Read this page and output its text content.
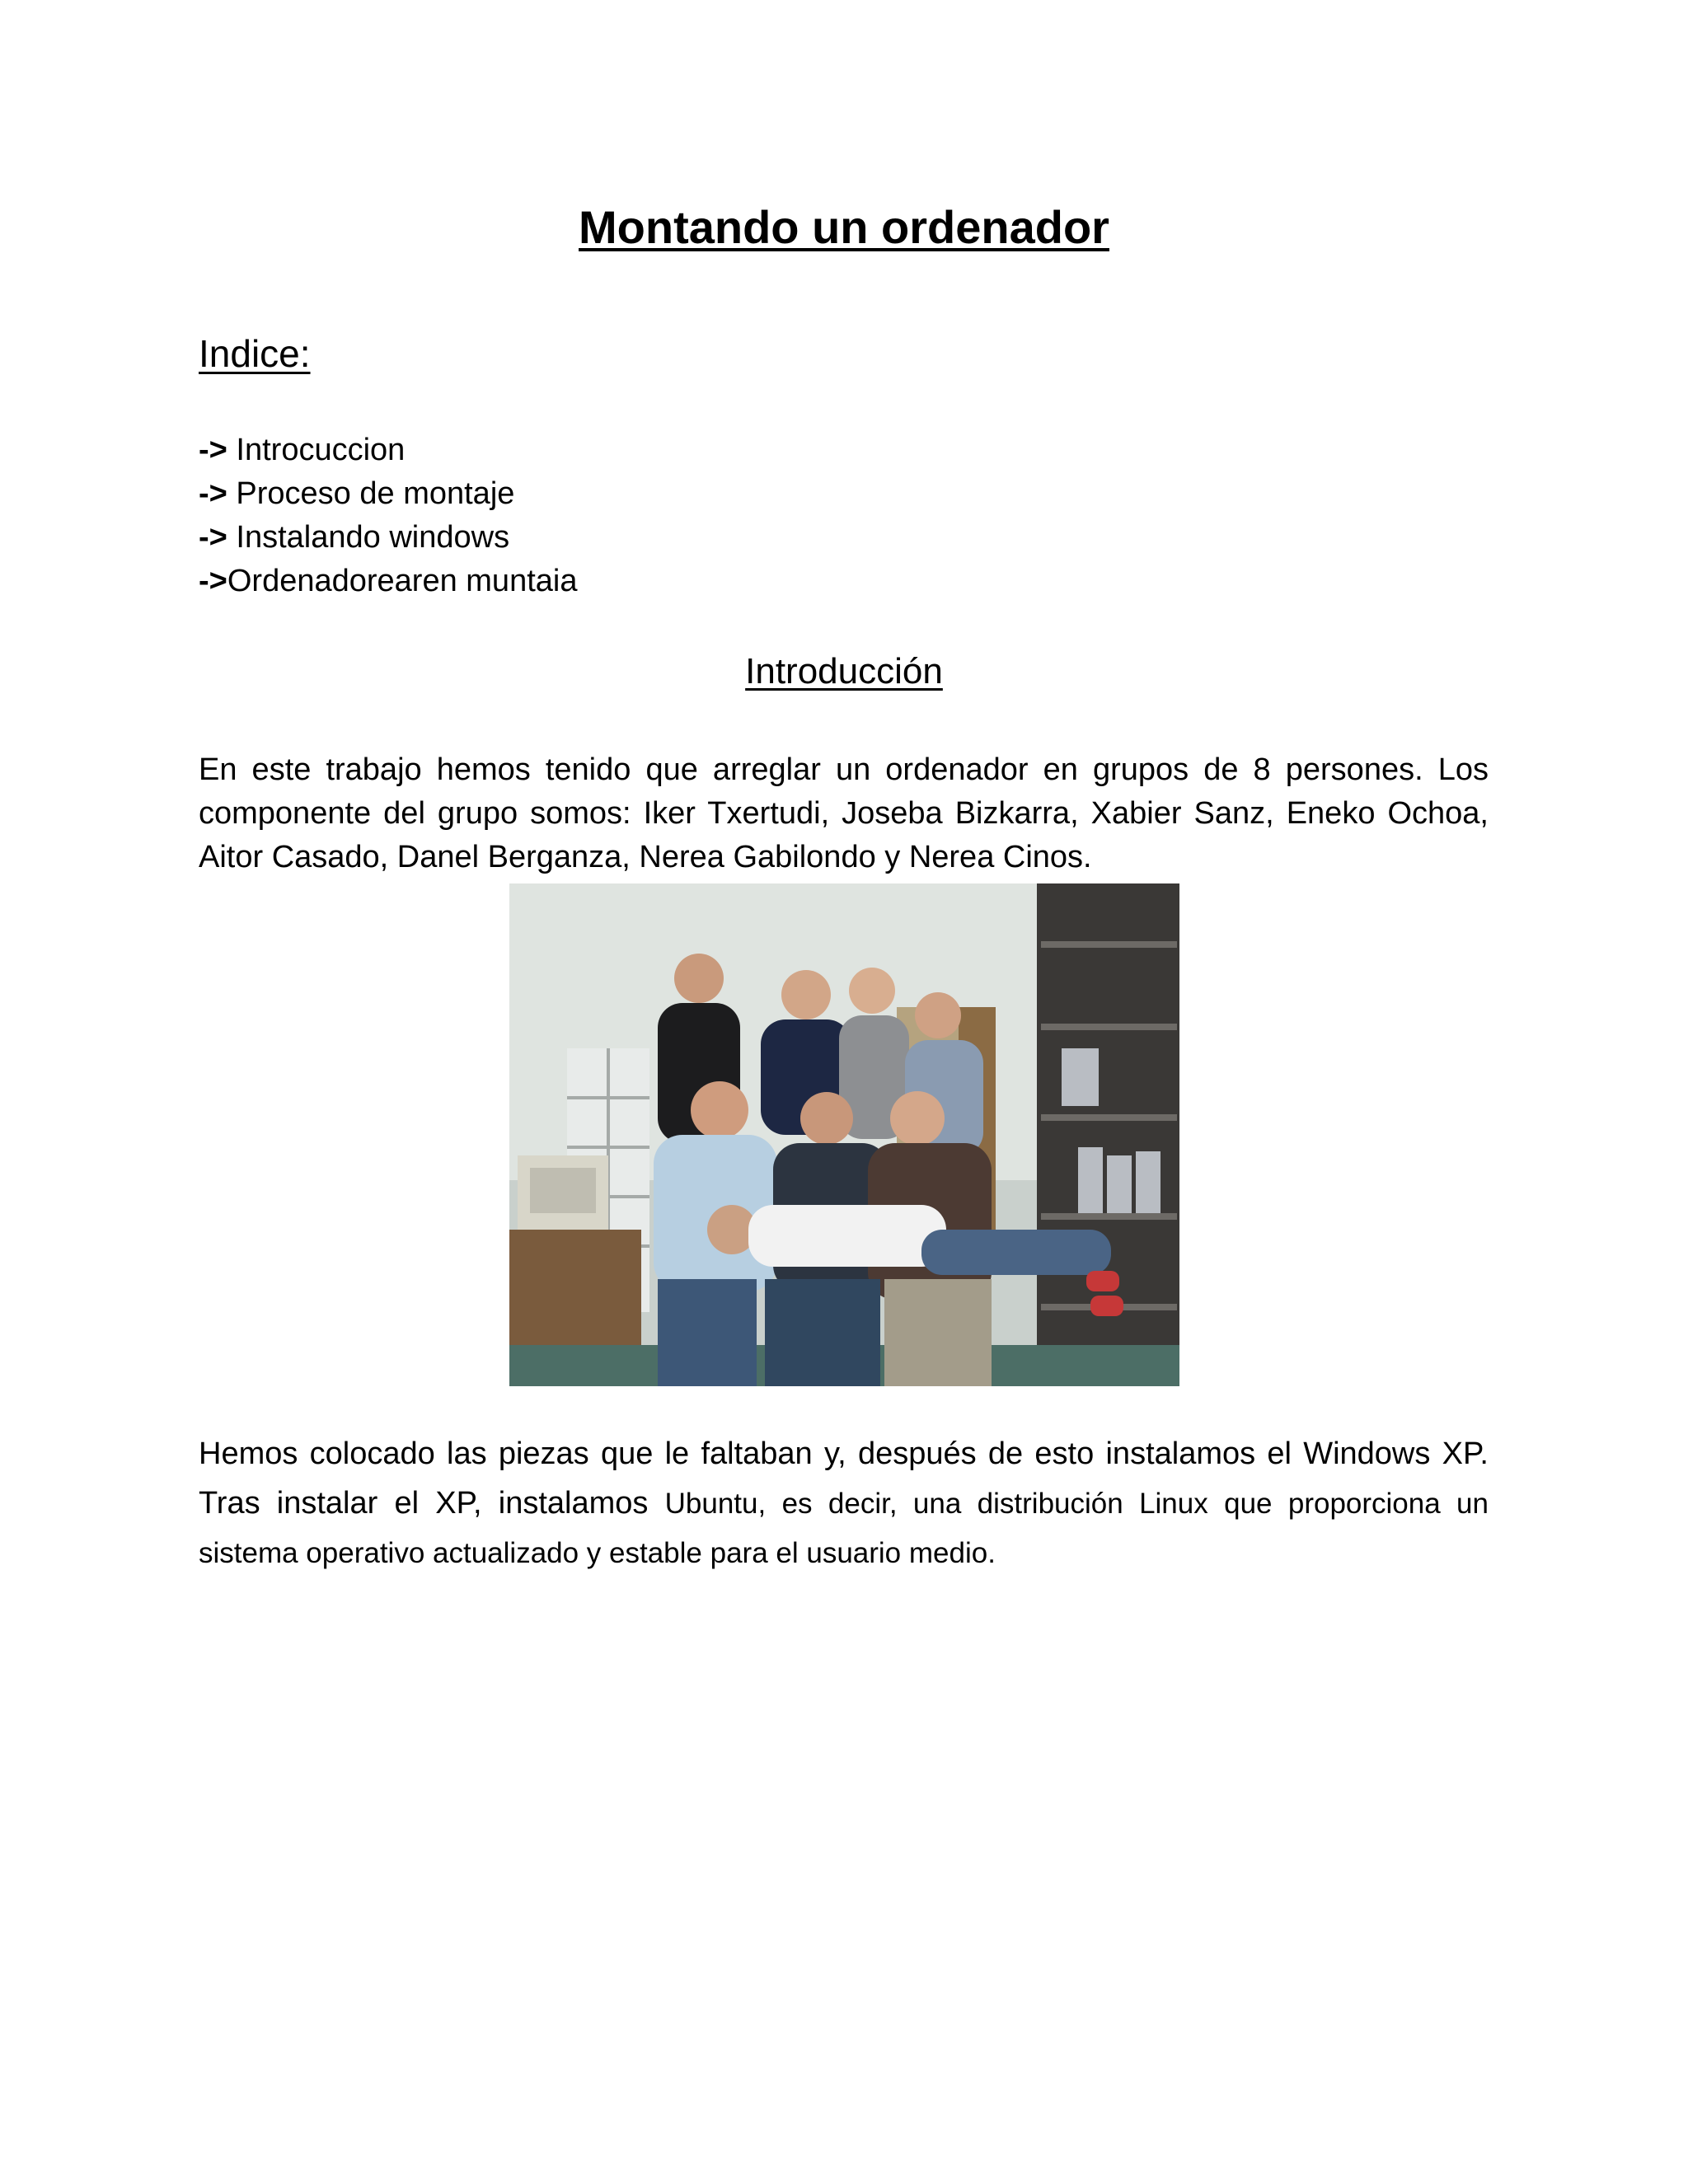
Montando un ordenador
Indice:
-> Introcuccion
-> Proceso de montaje
-> Instalando windows
->Ordenadorearen muntaia
Introducción
En este trabajo hemos tenido que arreglar un ordenador en grupos de 8 persones. Los componente del grupo somos: Iker Txertudi, Joseba Bizkarra, Xabier Sanz, Eneko Ochoa, Aitor Casado, Danel Berganza, Nerea Gabilondo y Nerea Cinos.
Hemos colocado las piezas que le faltaban y, después de esto instalamos el Windows XP. Tras instalar el XP, instalamos Ubuntu, es decir, una distribución Linux que proporciona un sistema operativo actualizado y estable para el usuario medio.
